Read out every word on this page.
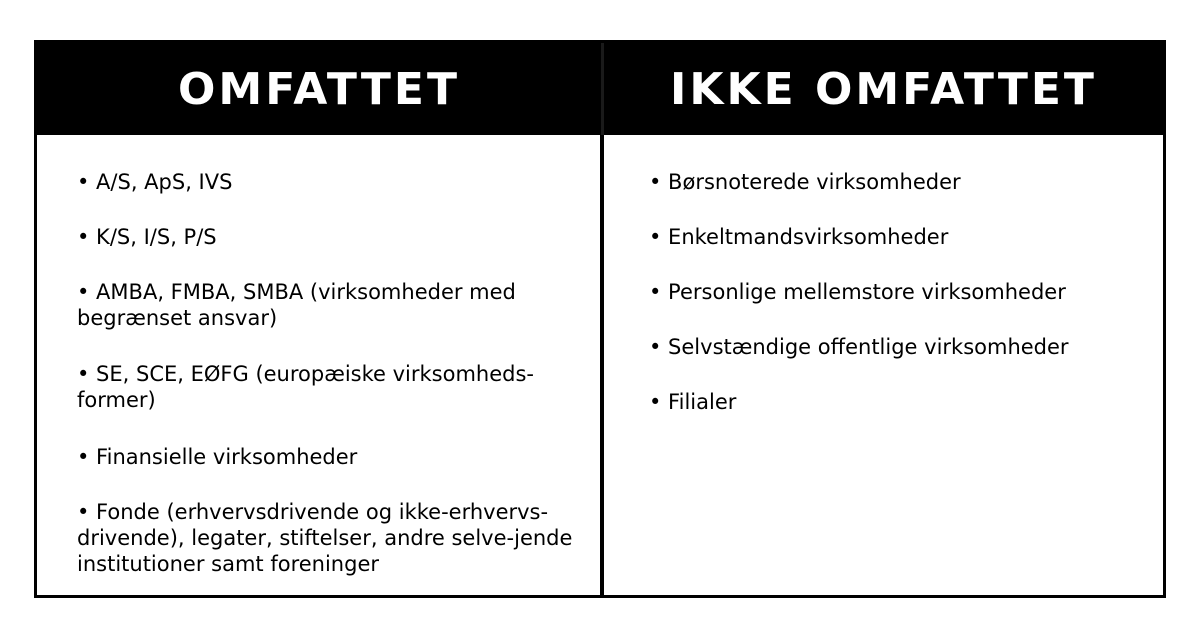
OMFATTET	IKKE OMFATTET

• A/S, ApS, IVS

• K/S, I/S, P/S

• AMBA, FMBA, SMBA (virksomheder med begrænset ansvar)

• SE, SCE, EØFG (europæiske virksomheds-former)

• Finansielle virksomheder

• Fonde (erhvervsdrivende og ikke-erhvervs-drivende), legater, stiftelser, andre selve-jende institutioner samt foreninger

• Børsnoterede virksomheder

• Enkeltmandsvirksomheder

• Personlige mellemstore virksomheder

• Selvstændige offentlige virksomheder

• Filialer
